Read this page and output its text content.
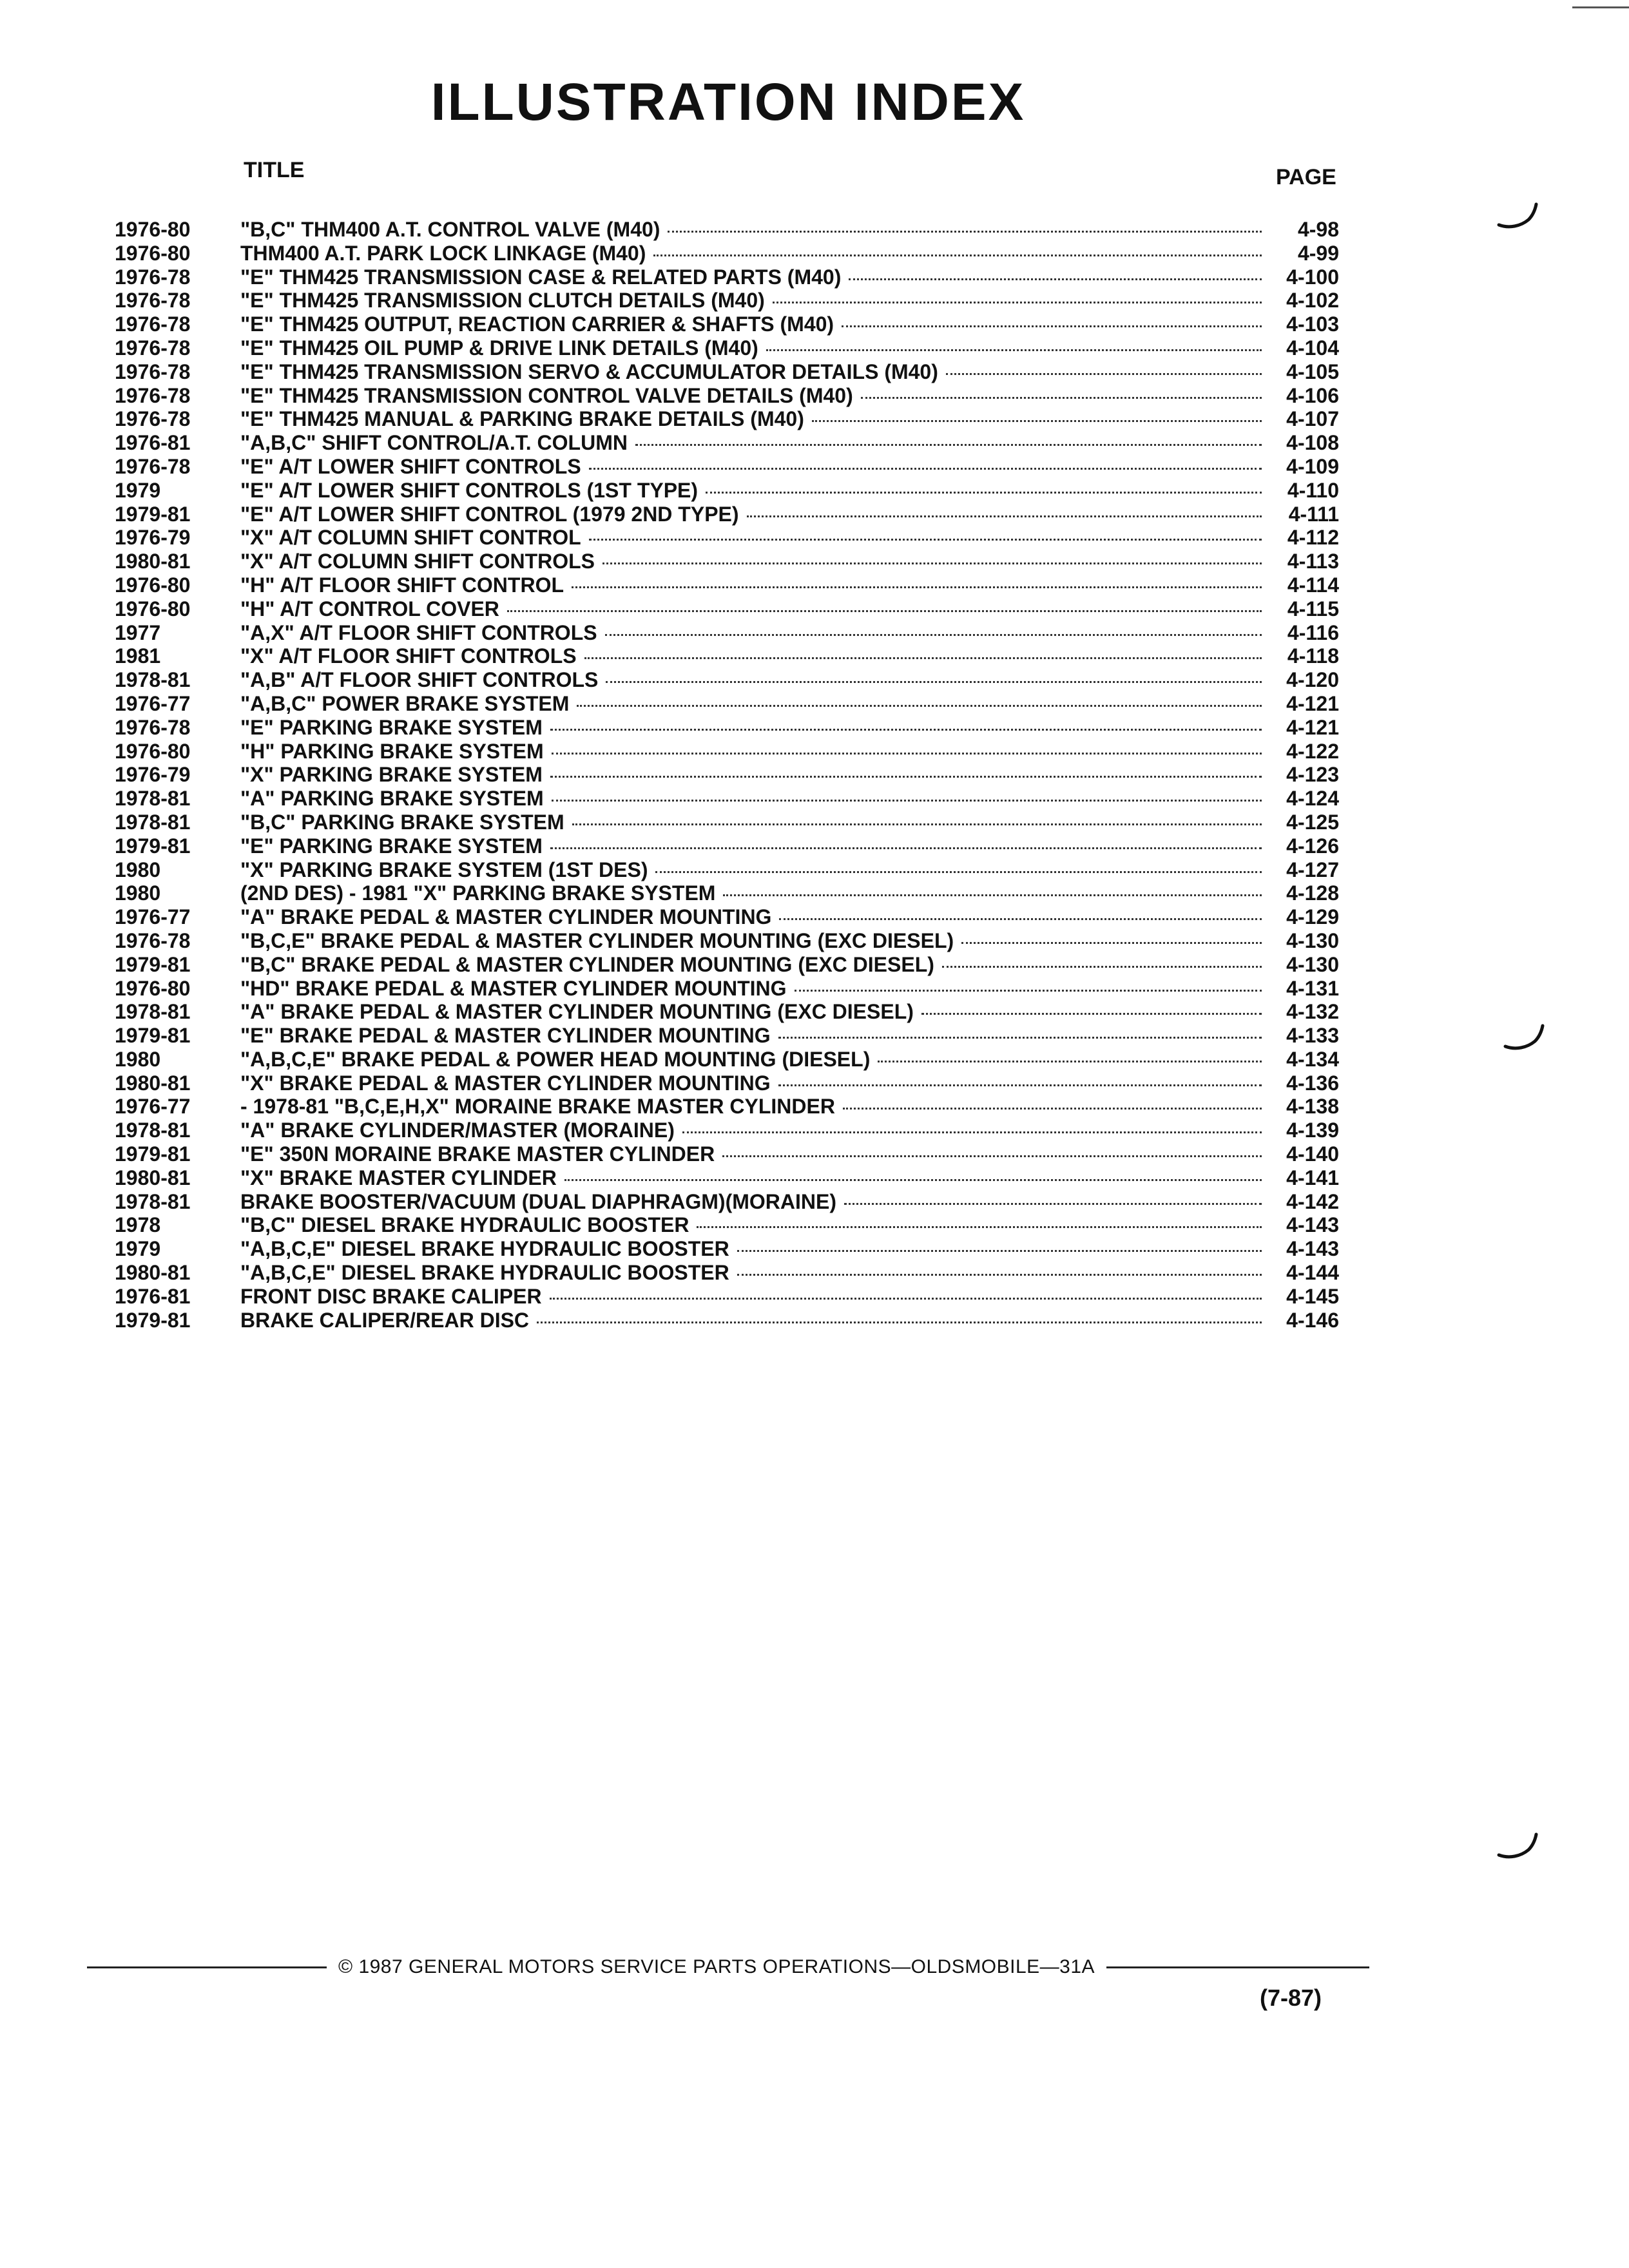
ILLUSTRATION INDEX
TITLE	PAGE
1976-80	"B,C" THM400 A.T. CONTROL VALVE (M40)	4-98
1976-80	THM400 A.T. PARK LOCK LINKAGE (M40)	4-99
1976-78	"E" THM425 TRANSMISSION CASE & RELATED PARTS (M40)	4-100
1976-78	"E" THM425 TRANSMISSION CLUTCH DETAILS (M40)	4-102
1976-78	"E" THM425 OUTPUT, REACTION CARRIER & SHAFTS (M40)	4-103
1976-78	"E" THM425 OIL PUMP & DRIVE LINK DETAILS (M40)	4-104
1976-78	"E" THM425 TRANSMISSION SERVO & ACCUMULATOR DETAILS (M40)	4-105
1976-78	"E" THM425 TRANSMISSION CONTROL VALVE DETAILS (M40)	4-106
1976-78	"E" THM425 MANUAL & PARKING BRAKE DETAILS (M40)	4-107
1976-81	"A,B,C" SHIFT CONTROL/A.T. COLUMN	4-108
1976-78	"E" A/T LOWER SHIFT CONTROLS	4-109
1979	"E" A/T LOWER SHIFT CONTROLS (1ST TYPE)	4-110
1979-81	"E" A/T LOWER SHIFT CONTROL (1979 2ND TYPE)	4-111
1976-79	"X" A/T COLUMN SHIFT CONTROL	4-112
1980-81	"X" A/T COLUMN SHIFT CONTROLS	4-113
1976-80	"H" A/T FLOOR SHIFT CONTROL	4-114
1976-80	"H" A/T CONTROL COVER	4-115
1977	"A,X" A/T FLOOR SHIFT CONTROLS	4-116
1981	"X" A/T FLOOR SHIFT CONTROLS	4-118
1978-81	"A,B" A/T FLOOR SHIFT CONTROLS	4-120
1976-77	"A,B,C" POWER BRAKE SYSTEM	4-121
1976-78	"E" PARKING BRAKE SYSTEM	4-121
1976-80	"H" PARKING BRAKE SYSTEM	4-122
1976-79	"X" PARKING BRAKE SYSTEM	4-123
1978-81	"A" PARKING BRAKE SYSTEM	4-124
1978-81	"B,C" PARKING BRAKE SYSTEM	4-125
1979-81	"E" PARKING BRAKE SYSTEM	4-126
1980	"X" PARKING BRAKE SYSTEM (1ST DES)	4-127
1980	(2ND DES) - 1981 "X" PARKING BRAKE SYSTEM	4-128
1976-77	"A" BRAKE PEDAL & MASTER CYLINDER MOUNTING	4-129
1976-78	"B,C,E" BRAKE PEDAL & MASTER CYLINDER MOUNTING (EXC DIESEL)	4-130
1979-81	"B,C" BRAKE PEDAL & MASTER CYLINDER MOUNTING (EXC DIESEL)	4-130
1976-80	"HD" BRAKE PEDAL & MASTER CYLINDER MOUNTING	4-131
1978-81	"A" BRAKE PEDAL & MASTER CYLINDER MOUNTING (EXC DIESEL)	4-132
1979-81	"E" BRAKE PEDAL & MASTER CYLINDER MOUNTING	4-133
1980	"A,B,C,E" BRAKE PEDAL & POWER HEAD MOUNTING (DIESEL)	4-134
1980-81	"X" BRAKE PEDAL & MASTER CYLINDER MOUNTING	4-136
1976-77	- 1978-81 "B,C,E,H,X" MORAINE BRAKE MASTER CYLINDER	4-138
1978-81	"A" BRAKE CYLINDER/MASTER (MORAINE)	4-139
1979-81	"E" 350N MORAINE BRAKE MASTER CYLINDER	4-140
1980-81	"X" BRAKE MASTER CYLINDER	4-141
1978-81	BRAKE BOOSTER/VACUUM (DUAL DIAPHRAGM)(MORAINE)	4-142
1978	"B,C" DIESEL BRAKE HYDRAULIC BOOSTER	4-143
1979	"A,B,C,E" DIESEL BRAKE HYDRAULIC BOOSTER	4-143
1980-81	"A,B,C,E" DIESEL BRAKE HYDRAULIC BOOSTER	4-144
1976-81	FRONT DISC BRAKE CALIPER	4-145
1979-81	BRAKE CALIPER/REAR DISC	4-146
© 1987 GENERAL MOTORS SERVICE PARTS OPERATIONS—OLDSMOBILE—31A
(7-87)
